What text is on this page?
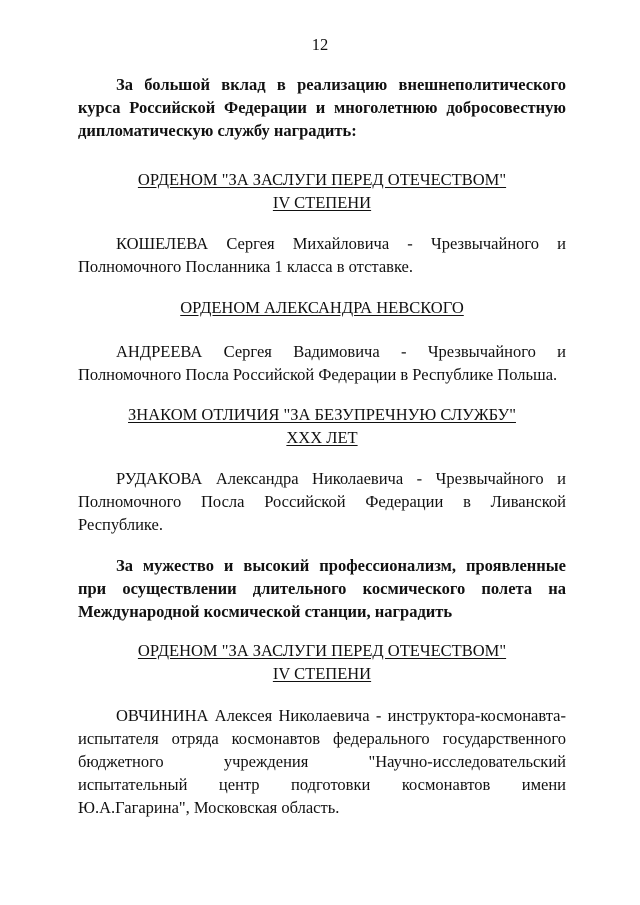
12

За большой вклад в реализацию внешнеполитического курса Российской Федерации и многолетнюю добросовестную дипломатическую службу наградить:

ОРДЕНОМ "ЗА ЗАСЛУГИ ПЕРЕД ОТЕЧЕСТВОМ"
IV СТЕПЕНИ

КОШЕЛЕВА Сергея Михайловича - Чрезвычайного и Полномочного Посланника 1 класса в отставке.

ОРДЕНОМ АЛЕКСАНДРА НЕВСКОГО

АНДРЕЕВА Сергея Вадимовича - Чрезвычайного и Полномочного Посла Российской Федерации в Республике Польша.

ЗНАКОМ ОТЛИЧИЯ "ЗА БЕЗУПРЕЧНУЮ СЛУЖБУ"
XXX ЛЕТ

РУДАКОВА Александра Николаевича - Чрезвычайного и Полномочного Посла Российской Федерации в Ливанской Республике.

За мужество и высокий профессионализм, проявленные при осуществлении длительного космического полета на Международной космической станции, наградить

ОРДЕНОМ "ЗА ЗАСЛУГИ ПЕРЕД ОТЕЧЕСТВОМ"
IV СТЕПЕНИ

ОВЧИНИНА Алексея Николаевича - инструктора-космонавта-испытателя отряда космонавтов федерального государственного бюджетного учреждения "Научно-исследовательский испытательный центр подготовки космонавтов имени Ю.А.Гагарина", Московская область.
